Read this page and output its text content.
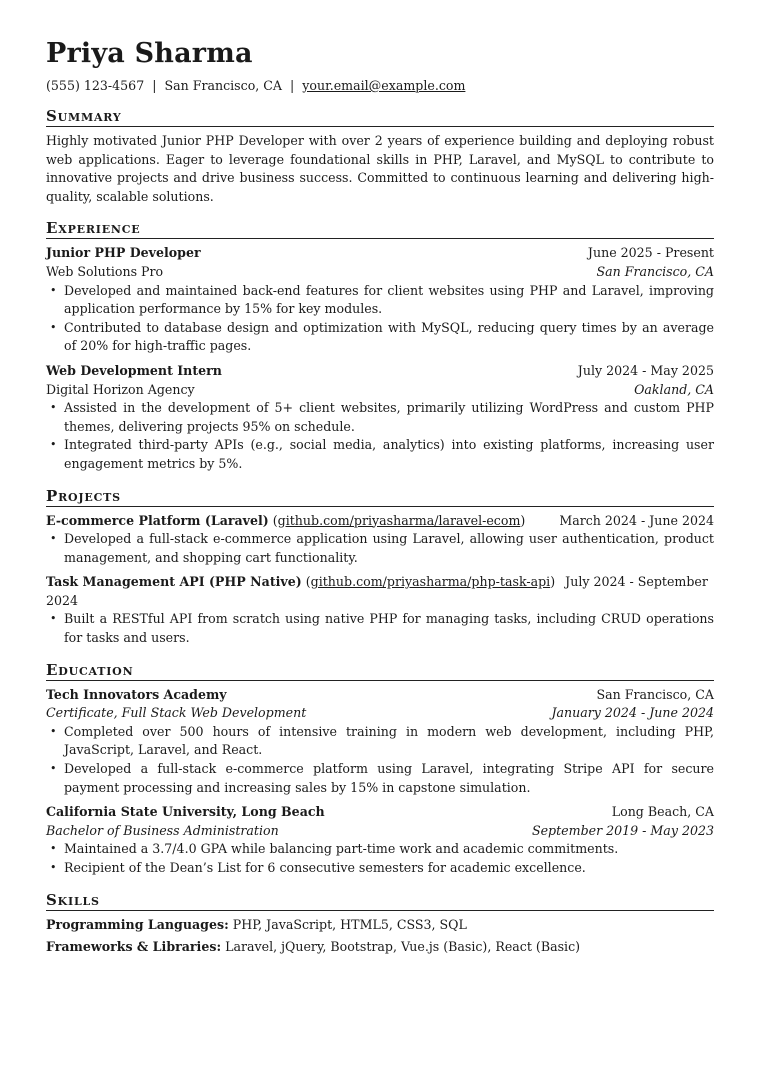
Priya Sharma
(555) 123-4567 | San Francisco, CA | your.email@example.com
Summary
Highly motivated Junior PHP Developer with over 2 years of experience building and deploying robust web applications. Eager to leverage foundational skills in PHP, Laravel, and MySQL to contribute to innovative projects and drive business success. Committed to continuous learning and delivering high-quality, scalable solutions.
Experience
Junior PHP Developer	June 2025 - Present
Web Solutions Pro	San Francisco, CA
• Developed and maintained back-end features for client websites using PHP and Laravel, improving application performance by 15% for key modules.
• Contributed to database design and optimization with MySQL, reducing query times by an average of 20% for high-traffic pages.
Web Development Intern	July 2024 - May 2025
Digital Horizon Agency	Oakland, CA
• Assisted in the development of 5+ client websites, primarily utilizing WordPress and custom PHP themes, delivering projects 95% on schedule.
• Integrated third-party APIs (e.g., social media, analytics) into existing platforms, increasing user engagement metrics by 5%.
Projects
E-commerce Platform (Laravel) (github.com/priyasharma/laravel-ecom)	March 2024 - June 2024
• Developed a full-stack e-commerce application using Laravel, allowing user authentication, product management, and shopping cart functionality.
Task Management API (PHP Native) (github.com/priyasharma/php-task-api) July 2024 - September 2024
• Built a RESTful API from scratch using native PHP for managing tasks, including CRUD operations for tasks and users.
Education
Tech Innovators Academy	San Francisco, CA
Certificate, Full Stack Web Development	January 2024 - June 2024
• Completed over 500 hours of intensive training in modern web development, including PHP, JavaScript, Laravel, and React.
• Developed a full-stack e-commerce platform using Laravel, integrating Stripe API for secure payment processing and increasing sales by 15% in capstone simulation.
California State University, Long Beach	Long Beach, CA
Bachelor of Business Administration	September 2019 - May 2023
• Maintained a 3.7/4.0 GPA while balancing part-time work and academic commitments.
• Recipient of the Dean’s List for 6 consecutive semesters for academic excellence.
Skills
Programming Languages: PHP, JavaScript, HTML5, CSS3, SQL
Frameworks & Libraries: Laravel, jQuery, Bootstrap, Vue.js (Basic), React (Basic)
